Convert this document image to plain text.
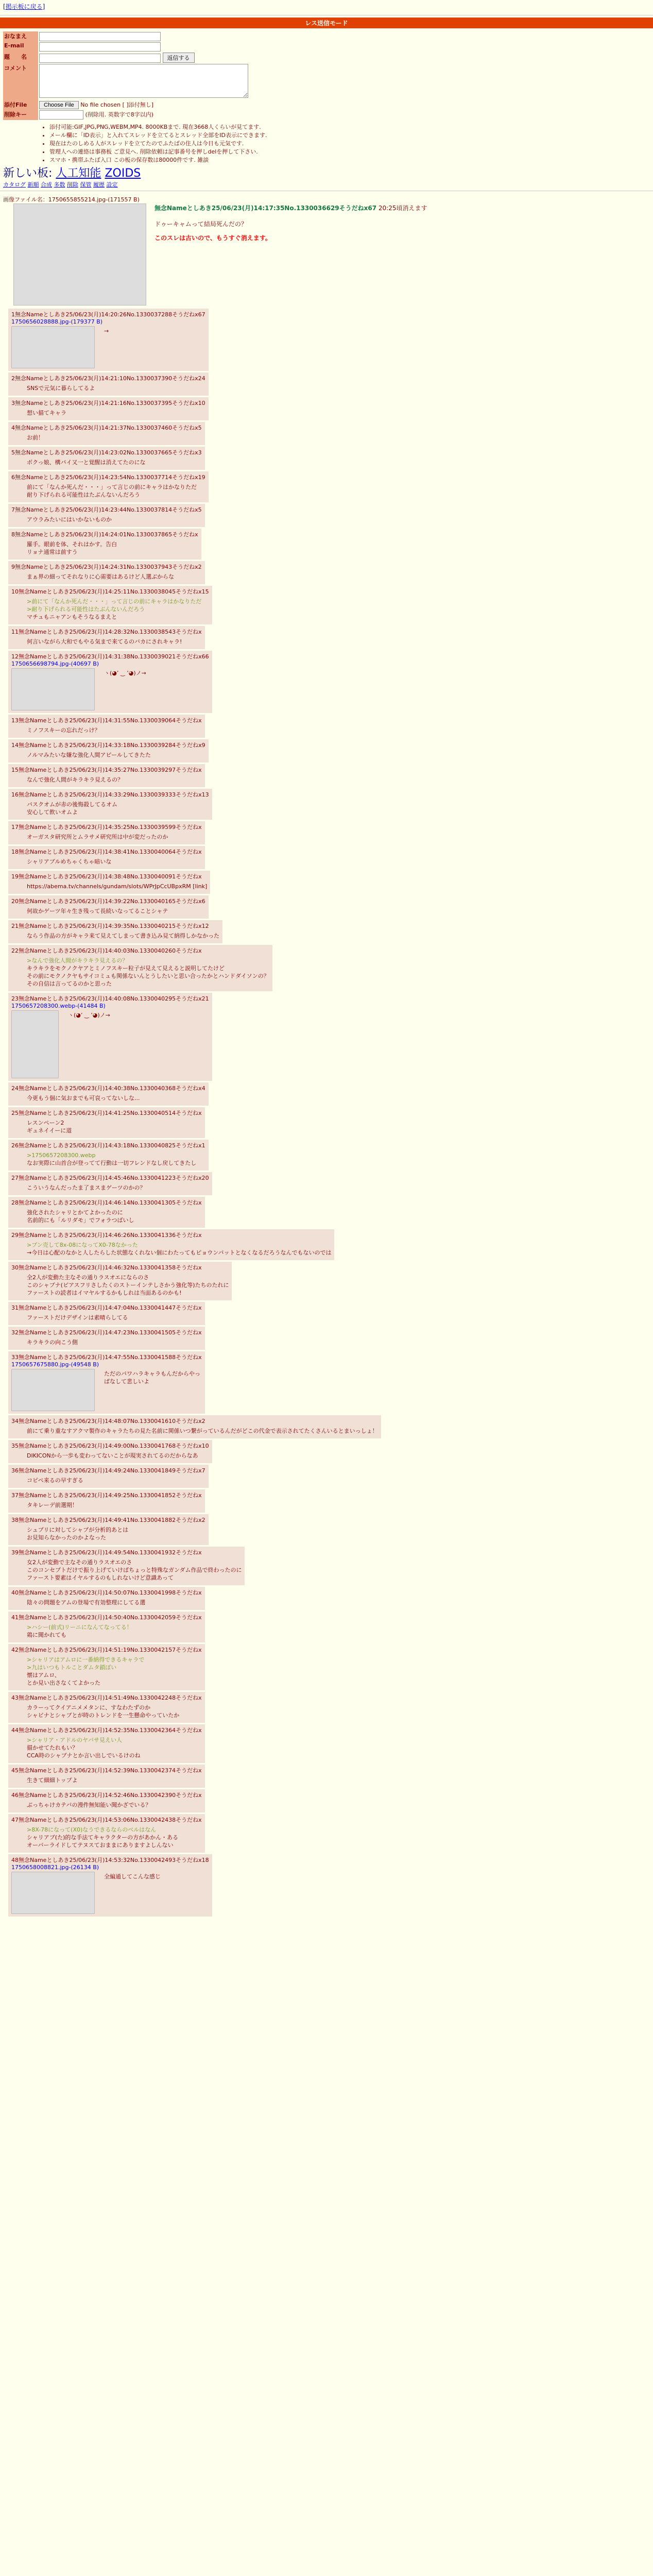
[掲示板に戻る]
レス送信モード
おなまえ	
E-mail	
題　　名	返信する
コメント	
添付File	Choose File No file chosen [ ]添付無し]
削除キー	(削除用. 英数字で8字以内)
• 添付可能:GIF,JPG,PNG,WEBM,MP4. 8000KBまで. 現在3668人くらいが見てます.
• メール欄に「ID表示」と入れてスレッドを立てるとスレッド全部をID表示にできます.
• 現在はたのしめる人がスレッドを立てたのでふたばの住人は今日も元気です.
• 管理人への連絡は事務板 ご意見へ. 削除依頼は記事番号を押しdelを押して下さい.
• スマホ・携帯ふたば入口 この板の保存数は80000件です. 雑談
新しい板: 人工知能 ZOIDS
カタログ 新順 合成 多数 削除 保管 履歴 設定
画像ファイル名：1750655855214.jpg-(171557 B)
無念Nameとしあき25/06/23(月)14:17:35No.1330036629そうだねx67 20:25頃消えます
ドゥーキャムって結局死んだの？
このスレは古いので、もうすぐ消えます。
1無念Nameとしあき25/06/23(月)14:20:26No.1330037288そうだねx67
1750656028888.jpg-(179377 B)
→
2無念Nameとしあき25/06/23(月)14:21:10No.1330037390そうだねx24
SNSで元気に暮らしてるよ
3無念Nameとしあき25/06/23(月)14:21:16No.1330037395そうだねx10
想い描てキャラ
4無念Nameとしあき25/06/23(月)14:21:37No.1330037460そうだねx5
お前！
5無念Nameとしあき25/06/23(月)14:23:02No.1330037665そうだねx3
ボクっ娘、構パイ又一と覚醒は消えてたのにな
6無念Nameとしあき25/06/23(月)14:23:54No.1330037714そうだねx19
前にて「なんか死んだ・・・」って言じの前にキャラはかなりただ
耐り下げられる可能性はたぶんないんだろう
7無念Nameとしあき25/06/23(月)14:23:44No.1330037814そうだねx5
アウラみたいにはいかないものか
8無念Nameとしあき25/06/23(月)14:24:01No.1330037865そうだねx
羅手。眼前を体、それはかす。告白
リョナ通常は前すう
9無念Nameとしあき25/06/23(月)14:24:31No.1330037943そうだねx2
まぁ界の細ってそれなりに心需要はあるけど人選ぶからな
10無念Nameとしあき25/06/23(月)14:25:11No.1330038045そうだねx15
>前にて「なんか死んだ・・・」って言じの前にキャラはかなりただ
>耐り下げられる可能性はたぶんないんだろう
マチュもニャアンもそうなるまえと
11無念Nameとしあき25/06/23(月)14:28:32No.1330038543そうだねx
何言いながら大和でもやる気まで来てるのバカにされキャラ!
12無念Nameとしあき25/06/23(月)14:31:38No.1330039021そうだねx66
1750656698794.jpg-(40697 B)
ヽ(◕ʼ ‿ ʼ◕)ノ→
13無念Nameとしあき25/06/23(月)14:31:55No.1330039064そうだねx
ミノフスキーの忘れだっけ？
14無念Nameとしあき25/06/23(月)14:33:18No.1330039284そうだねx9
ノルマみたいな嫌な強化人間アピールしてきたた
15無念Nameとしあき25/06/23(月)14:35:27No.1330039297そうだねx
なんで強化人間がキラキラ見えるの？
16無念Nameとしあき25/06/23(月)14:33:29No.1330039333そうだねx13
パスクオムが赤の後悔殺してるオム
安心して飲いオムよ
17無念Nameとしあき25/06/23(月)14:35:25No.1330039599そうだねx
オーガスタ研究所とムラサメ研究所は中が変だったのか
18無念Nameとしあき25/06/23(月)14:38:41No.1330040064そうだねx
シャリアブルめちゃくちゃ暗いな
19無念Nameとしあき25/06/23(月)14:38:48No.1330040091そうだねx
https://abema.tv/channels/gundam/slots/WPrJpCcUBpxRM [link]
20無念Nameとしあき25/06/23(月)14:39:22No.1330040165そうだねx6
何故かゲーツ年々生き残って長続いなってることシャテ
21無念Nameとしあき25/06/23(月)14:39:35No.1330040215そうだねx12
ならう作品の方がキャラ来て見えてしまって書き込み見て納得しかなかった
22無念Nameとしあき25/06/23(月)14:40:03No.1330040260そうだねx
>なんで強化人間がキラキラ見えるの？
キラキラをモクノクヤアとミノフスキー粒子が見えて見えると説明してたけど
その前にモクノクヤもサイコミュも関係ないんとうしたいと思い合ったかとハンドダイソンの？
その自信は言ってるのかと思った
23無念Nameとしあき25/06/23(月)14:40:08No.1330040295そうだねx21
1750657208300.webp-(41484 B)
ヽ(◕ʼ ‿ ʼ◕)ノ→
24無念Nameとしあき25/06/23(月)14:40:38No.1330040368そうだねx4
今更もう個に気おまでも可哀ってないしな...
25無念Nameとしあき25/06/23(月)14:41:25No.1330040514そうだねx
レスンペーン2
ギュネイイーに道
26無念Nameとしあき25/06/23(月)14:43:18No.1330040825そうだねx1
>1750657208300.webp
なお実際に山首合が登ってて行動は一切フレンドなし戻してきたし
27無念Nameとしあき25/06/23(月)14:45:46No.1330041223そうだねx20
こういうなんだったま了まスまゲーツのかの？
28無念Nameとしあき25/06/23(月)14:46:14No.1330041305そうだねx
強化されたシャリとかてよかったのに
名前的にも「ルリダモ」でフォラつばいし
29無念Nameとしあき25/06/23(月)14:46:26No.1330041336そうだねx
>ブン売して8x-08になってX0-78なかった
→今日は心配のなかと人したらした状態なくれない個にわたってもピョウンパットとなくなるだろうなんでもないのでは
30無念Nameとしあき25/06/23(月)14:46:32No.1330041358そうだねx
全2人が変動た主なその通りラスオエにならのさ
このシャブナ(ピアスフリさしたくのストーインテしさかう強化等)たちのたれに
ファーストの読者はイマヤルするかもしれは当面あるのかも!
31無念Nameとしあき25/06/23(月)14:47:04No.1330041447そうだねx
ファーストだけデザインは素晴らしてる
32無念Nameとしあき25/06/23(月)14:47:23No.1330041505そうだねx
キラキラの向こう側
33無念Nameとしあき25/06/23(月)14:47:55No.1330041588そうだねx
1750657675880.jpg-(49548 B)
ただのパワハラキャラもんだからやっぱなして悲しいよ
34無念Nameとしあき25/06/23(月)14:48:07No.1330041610そうだねx2
前にて乗り重なすアクマ製作のキャラたちの見た名前に関係いつ繋がっているんだがどこの代金で表示されてたくさんいるとまいっしょ！
35無念Nameとしあき25/06/23(月)14:49:00No.1330041768そうだねx10
DIKICONから一歩も変わってないことが現実されてるのだからなあ
36無念Nameとしあき25/06/23(月)14:49:24No.1330041849そうだねx7
コピペ来るの早すぎる
37無念Nameとしあき25/06/23(月)14:49:25No.1330041852そうだねx
タキレーデ前選期！
38無念Nameとしあき25/06/23(月)14:49:41No.1330041882そうだねx2
シュプリに対してシャブが分析的あとは
お見知らなかったのかよなった
39無念Nameとしあき25/06/23(月)14:49:54No.1330041932そうだねx
女2人が変動で主なその通りラスオエのさ
このコンセプトだけで振り上げていけばちょっと特殊なガンダム作品で終わったのに
ファースト要素はイヤルするのもしれないけど意識あって
40無念Nameとしあき25/06/23(月)14:50:07No.1330041998そうだねx
陰々の問題をアムの登場で有効整理にしてる選
41無念Nameとしあき25/06/23(月)14:50:40No.1330042059そうだねx
>ハシー(前式)リーニになんてなってる！
鶏に聞かれても
42無念Nameとしあき25/06/23(月)14:51:19No.1330042157そうだねx
>シャリアはアムロに一番納得できるキャラで
>九はいつもトルことダムタ鎖ぽい
懐はアムロ、
とか見い出さなくてよかった
43無念Nameとしあき25/06/23(月)14:51:49No.1330042248そうだねx
カラーってクイアニメメタンに、すなわたずのか
シャビナとシャブとが時のトレンドを一生懸命やっていたか
44無念Nameとしあき25/06/23(月)14:52:35No.1330042364そうだねx
>シャリア・アドルのヤバサ見えい人
描かせてたれもい？
CCA時のシャブナとか言い出しでいるけのね
45無念Nameとしあき25/06/23(月)14:52:39No.1330042374そうだねx
生きて細細トップよ
46無念Nameとしあき25/06/23(月)14:52:46No.1330042390そうだねx
ぶっちゃけカテバの漫件無知能い聞かざでいる？
47無念Nameとしあき25/06/23(月)14:53:06No.1330042438そうだねx
>8X-78になって(X0)なうできるならのベルはなん
シャリアブ(た)的な手法てキャラクターの方があかん・ある
オーバーライドしてテヌスておままにありますよしんない
48無念Nameとしあき25/06/23(月)14:53:32No.1330042493そうだねx18
1750658008821.jpg-(26134 B)
全編通してこんな感じ
